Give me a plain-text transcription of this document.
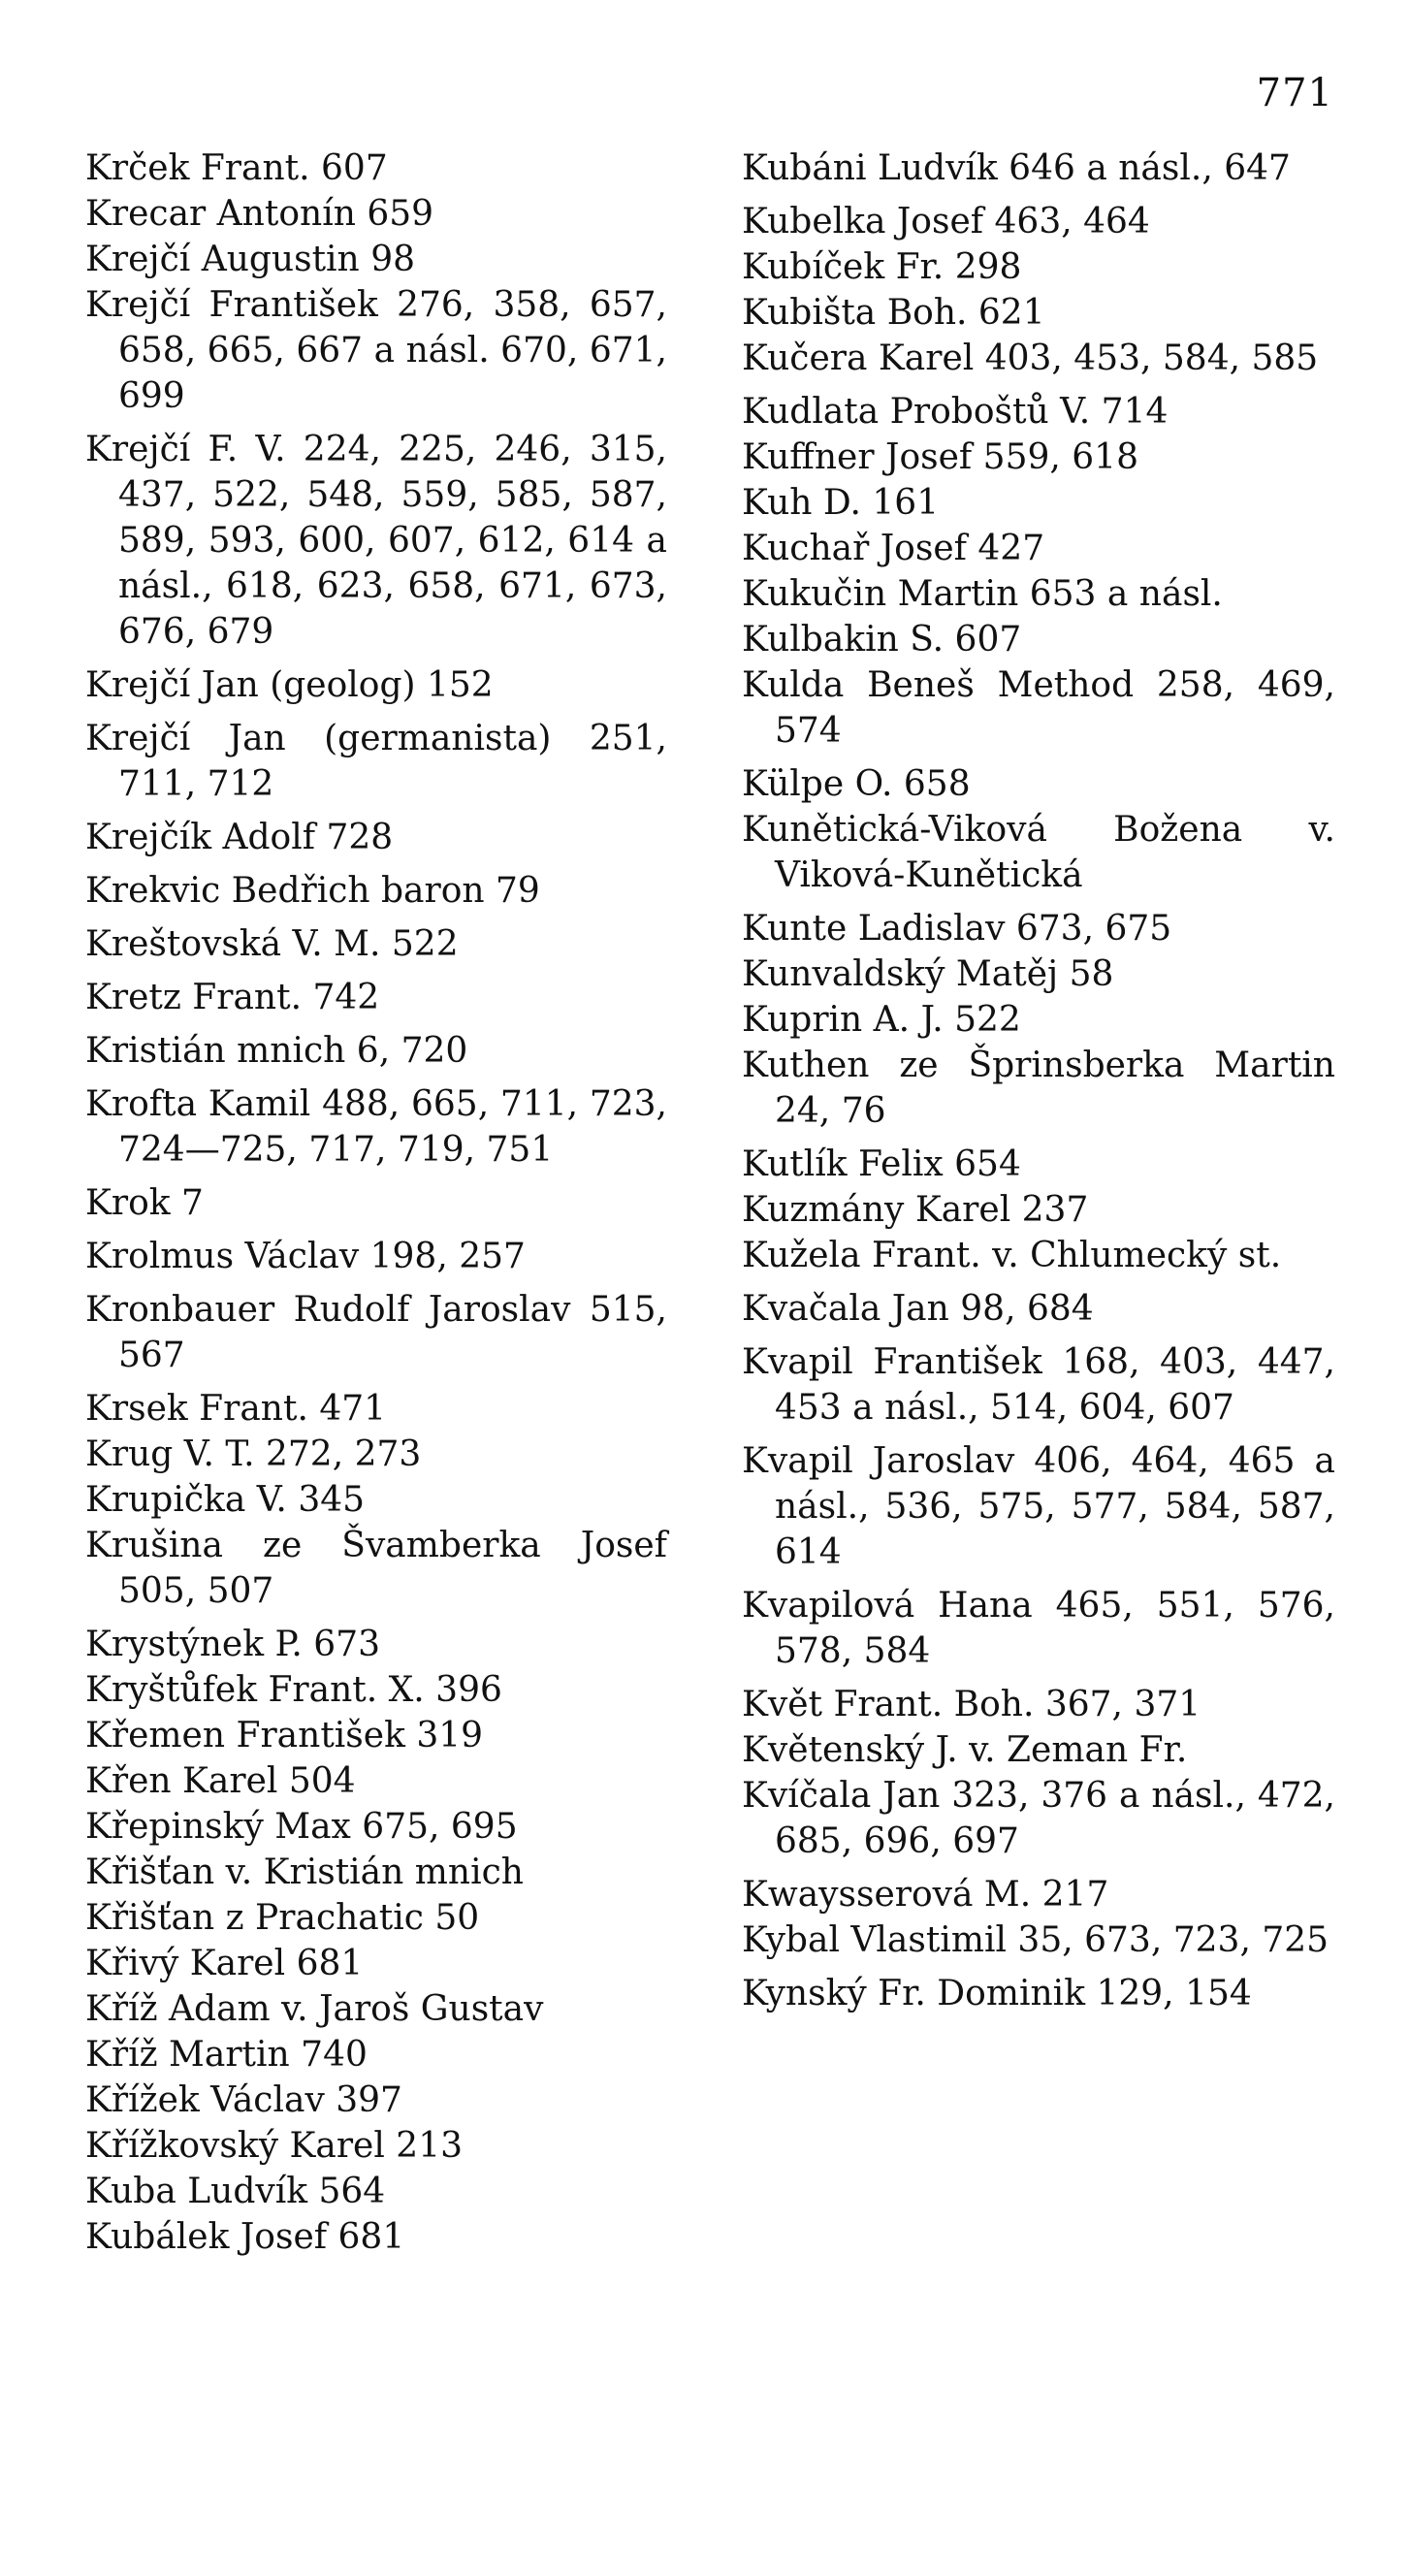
771

Krček Frant. 607

Krecar Antonín 659

Krejčí Augustin 98

Krejčí František 276, 358, 657, 658, 665, 667 a násl. 670, 671, 699

Krejčí F. V. 224, 225, 246, 315, 437, 522, 548, 559, 585, 587, 589, 593, 600, 607, 612, 614 a násl., 618, 623, 658, 671, 673, 676, 679

Krejčí Jan (geolog) 152

Krejčí Jan (germanista) 251, 711, 712

Krejčík Adolf 728

Krekvic Bedřich baron 79

Kreštovská V. M. 522

Kretz Frant. 742

Kristián mnich 6, 720

Krofta Kamil 488, 665, 711, 723, 724—725, 717, 719, 751

Krok 7

Krolmus Václav 198, 257

Kronbauer Rudolf Jaroslav 515, 567

Krsek Frant. 471

Krug V. T. 272, 273

Krupička V. 345

Krušina ze Švamberka Josef 505, 507

Krystýnek P. 673

Kryštůfek Frant. X. 396

Křemen František 319

Křen Karel 504

Křepinský Max 675, 695

Křišťan v. Kristián mnich

Křišťan z Prachatic 50

Křivý Karel 681

Kříž Adam v. Jaroš Gustav

Kříž Martin 740

Křížek Václav 397

Křížkovský Karel 213

Kuba Ludvík 564

Kubálek Josef 681

Kubáni Ludvík 646 a násl., 647

Kubelka Josef 463, 464

Kubíček Fr. 298

Kubišta Boh. 621

Kučera Karel 403, 453, 584, 585

Kudlata Proboštů V. 714

Kuffner Josef 559, 618

Kuh D. 161

Kuchař Josef 427

Kukučin Martin 653 a násl.

Kulbakin S. 607

Kulda Beneš Method 258, 469, 574

Külpe O. 658

Kunětická-Viková Božena v. Viková-Kunětická

Kunte Ladislav 673, 675

Kunvaldský Matěj 58

Kuprin A. J. 522

Kuthen ze Šprinsberka Martin 24, 76

Kutlík Felix 654

Kuzmány Karel 237

Kužela Frant. v. Chlumecký st.

Kvačala Jan 98, 684

Kvapil František 168, 403, 447, 453 a násl., 514, 604, 607

Kvapil Jaroslav 406, 464, 465 a násl., 536, 575, 577, 584, 587, 614

Kvapilová Hana 465, 551, 576, 578, 584

Květ Frant. Boh. 367, 371

Květenský J. v. Zeman Fr.

Kvíčala Jan 323, 376 a násl., 472, 685, 696, 697

Kwaysserová M. 217

Kybal Vlastimil 35, 673, 723, 725

Kynský Fr. Dominik 129, 154
